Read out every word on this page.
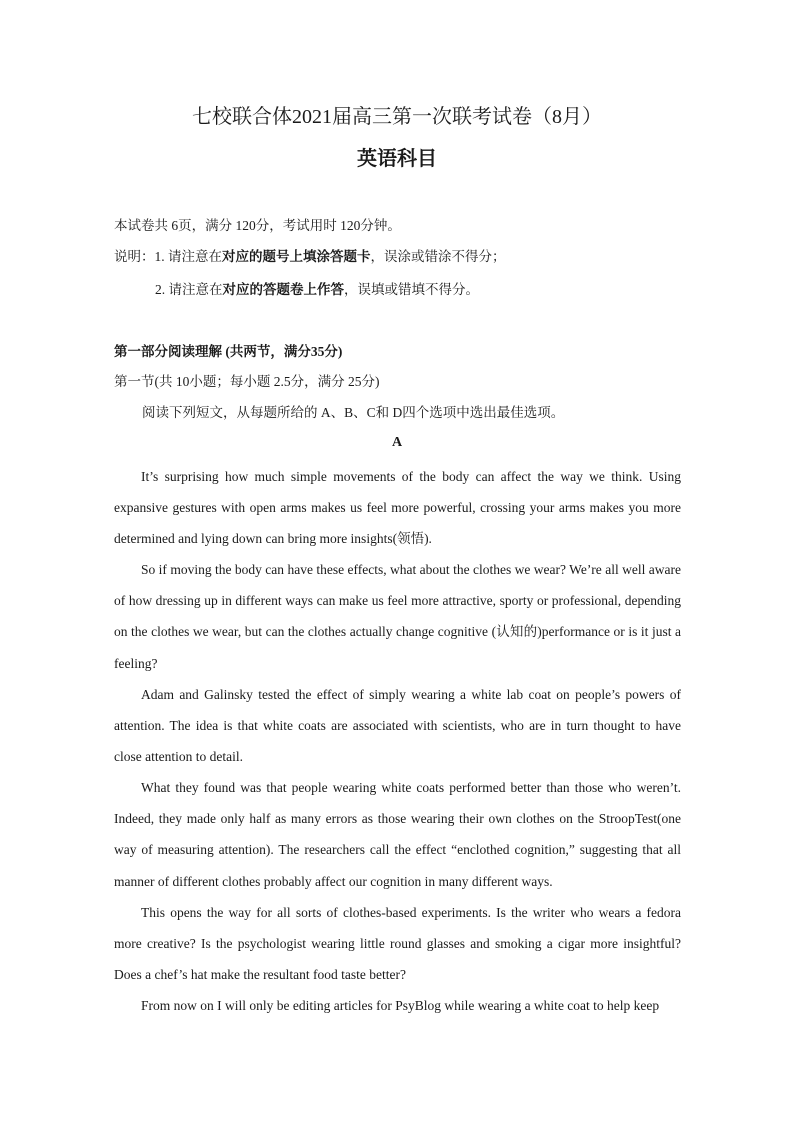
七校联合体2021届高三第一次联考试卷（8月）
英语科目
本试卷共 6页，满分 120分，考试用时 120分钟。
说明：1. 请注意在对应的题号上填涂答题卡，误涂或错涂不得分；
2. 请注意在对应的答题卷上作答，误填或错填不得分。
第一部分阅读理解 (共两节，满分35分)
第一节(共 10小题；每小题 2.5分，满分 25分)
阅读下列短文，从每题所给的 A、B、C和 D四个选项中选出最佳选项。
A

It’s surprising how much simple movements of the body can affect the way we think. Using expansive gestures with open arms makes us feel more powerful, crossing your arms makes you more determined and lying down can bring more insights(领悟).

So if moving the body can have these effects, what about the clothes we wear? We’re all well aware of how dressing up in different ways can make us feel more attractive, sporty or professional, depending on the clothes we wear, but can the clothes actually change cognitive (认知的)performance or is it just a feeling?

Adam and Galinsky tested the effect of simply wearing a white lab coat on people’s powers of attention. The idea is that white coats are associated with scientists, who are in turn thought to have close attention to detail.

What they found was that people wearing white coats performed better than those who weren’t. Indeed, they made only half as many errors as those wearing their own clothes on the StroopTest(one way of measuring attention). The researchers call the effect “enclothed cognition,” suggesting that all manner of different clothes probably affect our cognition in many different ways.

This opens the way for all sorts of clothes-based experiments. Is the writer who wears a fedora more creative? Is the psychologist wearing little round glasses and smoking a cigar more insightful? Does a chef’s hat make the resultant food taste better?

From now on I will only be editing articles for PsyBlog while wearing a white coat to help keep
